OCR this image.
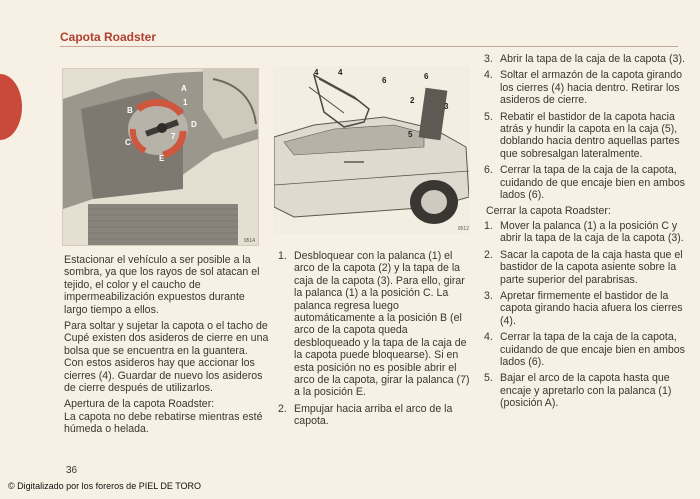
Capota Roadster
A
B
C
D
E
1
7
9514
4 4
6	6
2
3
5
9512

Estacionar el vehículo a ser posible a la sombra, ya que los rayos de sol atacan el tejido, el color y el caucho de impermeabilización expuestos durante largo tiempo a ellos.

Para soltar y sujetar la capota o el tacho de Cupé existen dos asideros de cierre en una bolsa que se encuentra en la guantera. Con estos asideros hay que accionar los cierres (4). Guardar de nuevo los asideros de cierre después de utilizarlos.

Apertura de la capota Roadster:
La capota no debe rebatirse mientras esté húmeda o helada.
1. Desbloquear con la palanca (1) el arco de la capota (2) y la tapa de la caja de la capota (3). Para ello, girar la palanca (1) a la posición C. La palanca regresa luego automáticamente a la posición B (el arco de la capota queda desbloqueado y la tapa de la caja de la capota puede bloquearse). Si en esta posición no es posible abrir el arco de la capota, girar la palanca (7) a la posición E.
2. Empujar hacia arriba el arco de la capota.
3. Abrir la tapa de la caja de la capota (3).
4. Soltar el armazón de la capota girando los cierres (4) hacia dentro. Retirar los asideros de cierre.
5. Rebatir el bastidor de la capota hacia atrás y hundir la capota en la caja (5), doblando hacia dentro aquellas partes que sobresalgan lateralmente.
6. Cerrar la tapa de la caja de la capota, cuidando de que encaje bien en ambos lados (6).
Cerrar la capota Roadster:
1. Mover la palanca (1) a la posición C y abrir la tapa de la caja de la capota (3).
2. Sacar la capota de la caja hasta que el bastidor de la capota asiente sobre la parte superior del parabrisas.
3. Apretar firmemente el bastidor de la capota girando hacia afuera los cierres (4).
4. Cerrar la tapa de la caja de la capota, cuidando de que encaje bien en ambos lados (6).
5. Bajar el arco de la capota hasta que encaje y apretarlo con la palanca (1) (posición A).
36
© Digitalizado por los foreros de PIEL DE TORO
